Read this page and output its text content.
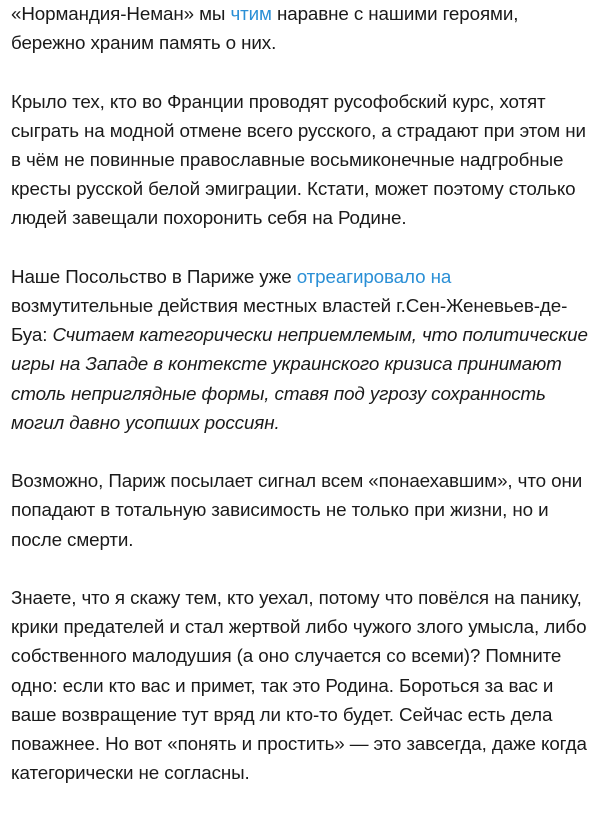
«Нормандия-Неман» мы чтим наравне с нашими героями, бережно храним память о них.

Крыло тех, кто во Франции проводят русофобский курс, хотят сыграть на модной отмене всего русского, а страдают при этом ни в чём не повинные православные восьмиконечные надгробные кресты русской белой эмиграции. Кстати, может поэтому столько людей завещали похоронить себя на Родине.

Наше Посольство в Париже уже отреагировало на возмутительные действия местных властей г.Сен-Женевьев-де-Буа: Считаем категорически неприемлемым, что политические игры на Западе в контексте украинского кризиса принимают столь неприглядные формы, ставя под угрозу сохранность могил давно усопших россиян.

Возможно, Париж посылает сигнал всем «понаехавшим», что они попадают в тотальную зависимость не только при жизни, но и после смерти.

Знаете, что я скажу тем, кто уехал, потому что повёлся на панику, крики предателей и стал жертвой либо чужого злого умысла, либо собственного малодушия (а оно случается со всеми)? Помните одно: если кто вас и примет, так это Родина. Бороться за вас и ваше возвращение тут вряд ли кто-то будет. Сейчас есть дела поважнее. Но вот «понять и простить» — это завсегда, даже когда категорически не согласны.
